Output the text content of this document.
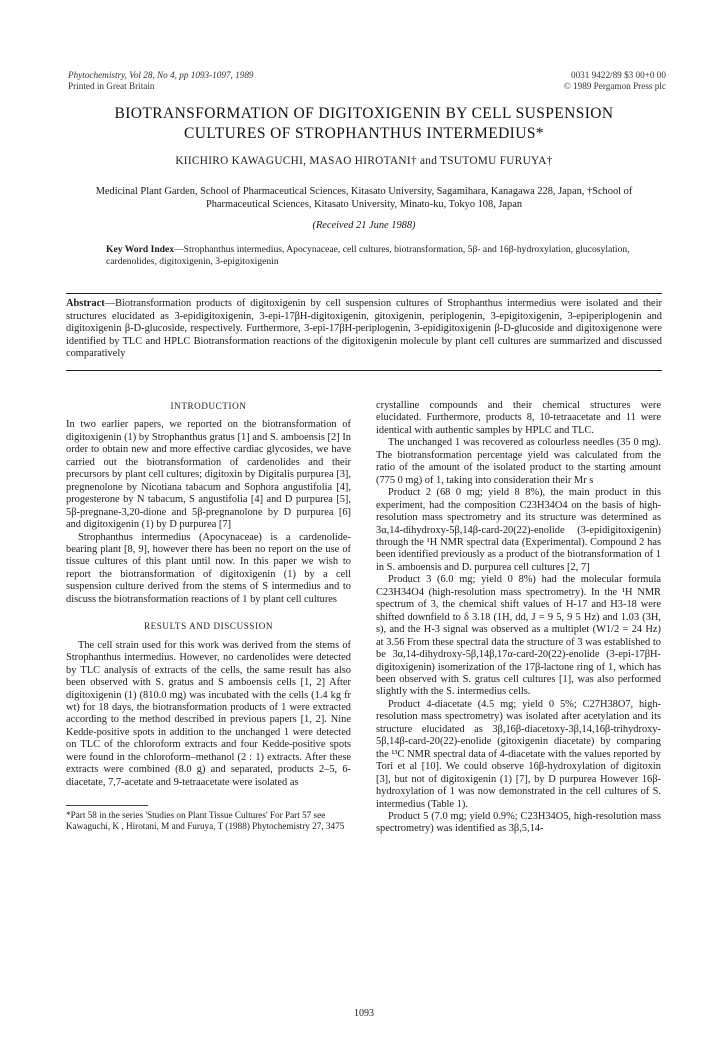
Phytochemistry, Vol 28, No 4, pp 1093-1097, 1989
Printed in Great Britain
0031 9422/89 $3 00+0 00
© 1989 Pergamon Press plc
BIOTRANSFORMATION OF DIGITOXIGENIN BY CELL SUSPENSION
CULTURES OF STROPHANTHUS INTERMEDIUS*
KIICHIRO KAWAGUCHI, MASAO HIROTANI† and TSUTOMU FURUYA†
Medicinal Plant Garden, School of Pharmaceutical Sciences, Kitasato University, Sagamihara, Kanagawa 228, Japan, †School of Pharmaceutical Sciences, Kitasato University, Minato-ku, Tokyo 108, Japan
(Received 21 June 1988)
Key Word Index—Strophanthus intermedius, Apocynaceae, cell cultures, biotransformation, 5β- and 16β-hydroxylation, glucosylation, cardenolides, digitoxigenin, 3-epigitoxigenin
Abstract—Biotransformation products of digitoxigenin by cell suspension cultures of Strophanthus intermedius were isolated and their structures elucidated as 3-epidigitoxigenin, 3-epi-17βH-digitoxigenin, gitoxigenin, periplogenin, 3-epigitoxigenin, 3-epiperiplogenin and digitoxigenin β-D-glucoside, respectively. Furthermore, 3-epi-17βH-periplogenin, 3-epidigitoxigenin β-D-glucoside and digitoxigenone were identified by TLC and HPLC Biotransformation reactions of the digitoxigenin molecule by plant cell cultures are summarized and discussed comparatively
INTRODUCTION

In two earlier papers, we reported on the biotransformation of digitoxigenin (1) by Strophanthus gratus [1] and S. amboensis [2] In order to obtain new and more effective cardiac glycosides, we have carried out the biotransformation of cardenolides and their precursors by plant cell cultures; digitoxin by Digitalis purpurea [3], pregnenolone by Nicotiana tabacum and Sophora angustifolia [4], progesterone by N tabacum, S angustifolia [4] and D purpurea [5], 5β-pregnane-3,20-dione and 5β-pregnanolone by D purpurea [6] and digitoxigenin (1) by D purpurea [7]

Strophanthus intermedius (Apocynaceae) is a cardenolide-bearing plant [8, 9], however there has been no report on the use of tissue cultures of this plant until now. In this paper we wish to report the biotransformation of digitoxigenin (1) by a cell suspension culture derived from the stems of S intermedius and to discuss the biotransformation reactions of 1 by plant cell cultures

RESULTS AND DISCUSSION

The cell strain used for this work was derived from the stems of Strophanthus intermedius. However, no cardenolides were detected by TLC analysis of extracts of the cells, the same result has also been observed with S. gratus and S amboensis cells [1, 2] After digitoxigenin (1) (810.0 mg) was incubated with the cells (1.4 kg fr wt) for 18 days, the biotransformation products of 1 were extracted according to the method described in previous papers [1, 2]. Nine Kedde-positive spots in addition to the unchanged 1 were detected on TLC of the chloroform extracts and four Kedde-positive spots were found in the chloroform–methanol (2 : 1) extracts. After these extracts were combined (8.0 g) and separated, products 2–5, 6-diacetate, 7,7-acetate and 9-tetraacetate were isolated as

*Part 58 in the series 'Studies on Plant Tissue Cultures' For Part 57 see Kawaguchi, K , Hirotani, M and Furuya, T (1988) Phytochemistry 27, 3475

crystalline compounds and their chemical structures were elucidated. Furthermore, products 8, 10-tetraacetate and 11 were identical with authentic samples by HPLC and TLC.

The unchanged 1 was recovered as colourless needles (35 0 mg). The biotransformation percentage yield was calculated from the ratio of the amount of the isolated product to the starting amount (775 0 mg) of 1, taking into consideration their Mr s

Product 2 (68 0 mg; yield 8 8%), the main product in this experiment, had the composition C23H34O4 on the basis of high-resolution mass spectrometry and its structure was determined as 3α,14-dihydroxy-5β,14β-card-20(22)-enolide (3-epidigitoxigenin) through the ¹H NMR spectral data (Experimental). Compound 2 has been identified previously as a product of the biotransformation of 1 in S. amboensis and D. purpurea cell cultures [2, 7]

Product 3 (6.0 mg; yield 0 8%) had the molecular formula C23H34O4 (high-resolution mass spectrometry). In the ¹H NMR spectrum of 3, the chemical shift values of H-17 and H3-18 were shifted downfield to δ 3.18 (1H, dd, J = 9 5, 9 5 Hz) and 1.03 (3H, s), and the H-3 signal was observed as a multiplet (W1/2 = 24 Hz) at 3.56 From these spectral data the structure of 3 was established to be 3α,14-dihydroxy-5β,14β,17α-card-20(22)-enolide (3-epi-17βH-digitoxigenin) isomerization of the 17β-lactone ring of 1, which has been observed with S. gratus cell cultures [1], was also performed slightly with the S. intermedius cells.

Product 4-diacetate (4.5 mg; yield 0 5%; C27H38O7, high-resolution mass spectrometry) was isolated after acetylation and its structure elucidated as 3β,16β-diacetoxy-3β,14,16β-trihydroxy-5β,14β-card-20(22)-enolide (gitoxigenin diacetate) by comparing the ¹³C NMR spectral data of 4-diacetate with the values reported by Tori et al [10]. We could observe 16β-hydroxylation of digitoxin [3], but not of digitoxigenin (1) [7], by D purpurea However 16β-hydroxylation of 1 was now demonstrated in the cell cultures of S. intermedius (Table 1).

Product 5 (7.0 mg; yield 0.9%; C23H34O5, high-resolution mass spectrometry) was identified as 3β,5,14-

1093
